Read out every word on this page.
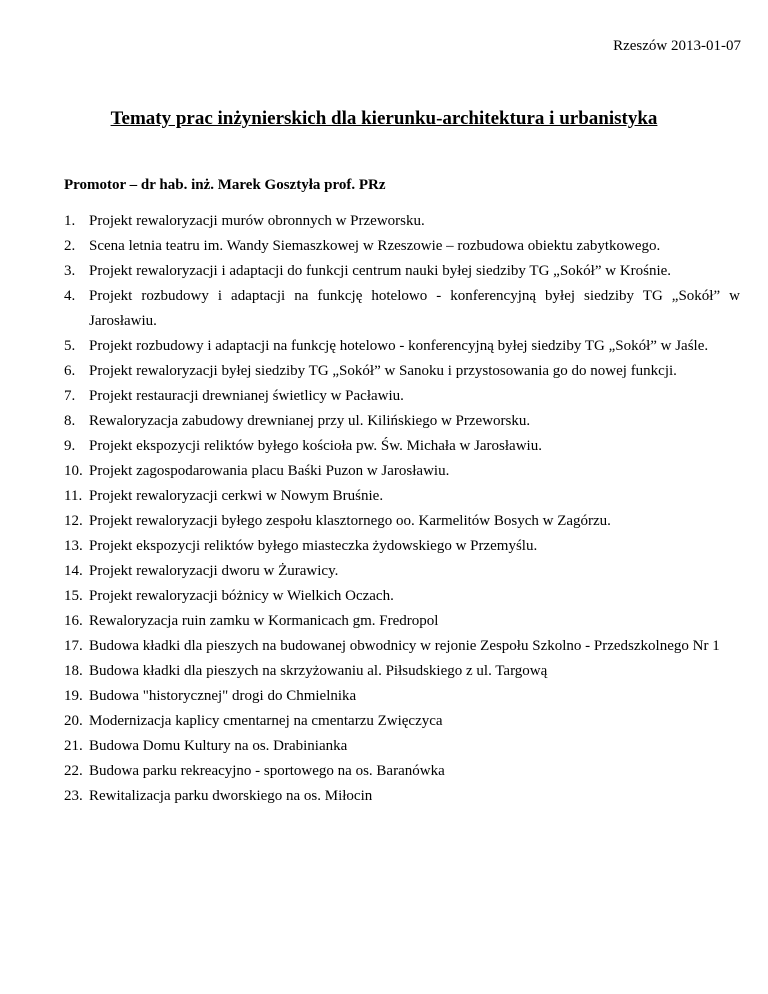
Rzeszów 2013-01-07
Tematy prac inżynierskich dla kierunku-architektura i urbanistyka
Promotor – dr hab. inż. Marek Gosztyła prof. PRz
1. Projekt rewaloryzacji murów obronnych w Przeworsku.
2. Scena letnia teatru im. Wandy Siemaszkowej w Rzeszowie – rozbudowa obiektu zabytkowego.
3. Projekt rewaloryzacji i adaptacji do funkcji centrum nauki byłej siedziby TG „Sokół” w Krośnie.
4. Projekt rozbudowy i adaptacji na funkcję hotelowo - konferencyjną byłej siedziby TG „Sokół” w Jarosławiu.
5. Projekt rozbudowy i adaptacji na funkcję hotelowo - konferencyjną byłej siedziby TG „Sokół” w Jaśle.
6. Projekt rewaloryzacji byłej siedziby TG „Sokół” w Sanoku i przystosowania go do nowej funkcji.
7. Projekt restauracji drewnianej świetlicy w Pacławiu.
8. Rewaloryzacja zabudowy drewnianej przy ul. Kilińskiego w Przeworsku.
9. Projekt ekspozycji reliktów byłego kościoła pw. Św. Michała w Jarosławiu.
10. Projekt zagospodarowania placu Baśki Puzon w Jarosławiu.
11. Projekt rewaloryzacji cerkwi w Nowym Bruśnie.
12. Projekt rewaloryzacji byłego zespołu klasztornego oo. Karmelitów Bosych w Zagórzu.
13. Projekt ekspozycji reliktów byłego miasteczka żydowskiego w Przemyślu.
14. Projekt rewaloryzacji dworu w Żurawicy.
15. Projekt rewaloryzacji bóżnicy w Wielkich Oczach.
16. Rewaloryzacja ruin zamku w Kormanicach gm. Fredropol
17. Budowa kładki dla pieszych na budowanej obwodnicy w rejonie Zespołu Szkolno - Przedszkolnego Nr 1
18. Budowa kładki dla pieszych na skrzyżowaniu al. Piłsudskiego z ul. Targową
19. Budowa "historycznej" drogi do Chmielnika
20. Modernizacja kaplicy cmentarnej na cmentarzu Zwięczyca
21. Budowa Domu Kultury na os. Drabinianka
22. Budowa parku rekreacyjno - sportowego na os. Baranówka
23. Rewitalizacja parku dworskiego na os. Miłocin
